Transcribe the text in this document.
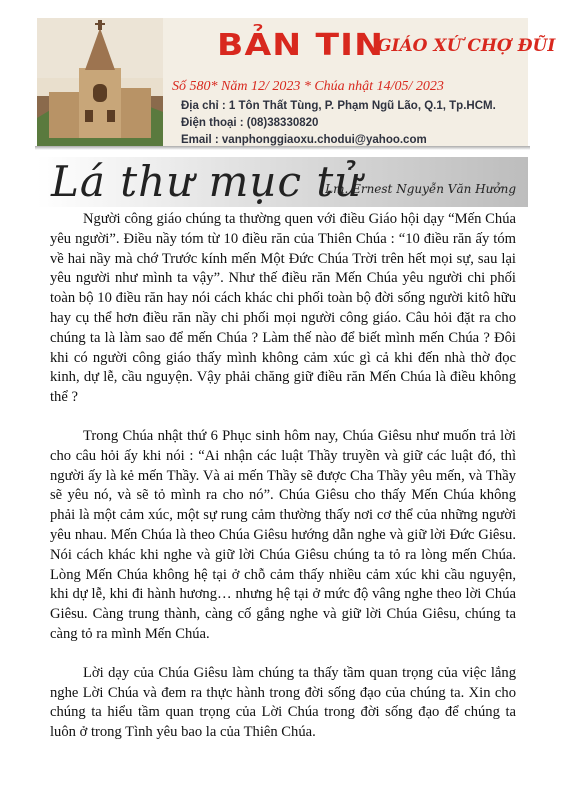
BẢN TIN
GIÁO XỨ CHỢ ĐŨI
Số 580* Năm 12/ 2023 * Chúa nhật 14/05/ 2023
Địa chỉ : 1 Tôn Thất Tùng, P. Phạm Ngũ Lão, Q.1, Tp.HCM.
Điện thoại : (08)38330820
Email : vanphonggiaoxu.chodui@yahoo.com
Lá thư mục tử
Lm. Ernest Nguyễn Văn Hưởng

Người công giáo chúng ta thường quen với điều Giáo hội dạy “Mến Chúa yêu người”. Điều nầy tóm từ 10 điều răn của Thiên Chúa : “10 điều răn ấy tóm về hai nầy mà chớ Trước kính mến Một Đức Chúa Trời trên hết mọi sự, sau lại yêu người như mình ta vậy”. Như thế điều răn Mến Chúa yêu người chi phối toàn bộ 10 điều răn hay nói cách khác chi phối toàn bộ đời sống người kitô hữu hay cụ thể hơn điều răn nầy chi phối mọi người công giáo. Câu hỏi đặt ra cho chúng ta là làm sao để mến Chúa ? Làm thế nào để biết mình mến Chúa ? Đôi khi có người công giáo thấy mình không cảm xúc gì cả khi đến nhà thờ đọc kinh, dự lễ, cầu nguyện. Vậy phải chăng giữ điều răn Mến Chúa là điều không thể ?

Trong Chúa nhật thứ 6 Phục sinh hôm nay, Chúa Giêsu như muốn trả lời cho câu hỏi ấy khi nói : “Ai nhận các luật Thầy truyền và giữ các luật đó, thì người ấy là kẻ mến Thầy. Và ai mến Thầy sẽ được Cha Thầy yêu mến, và Thầy sẽ yêu nó, và sẽ tỏ mình ra cho nó”. Chúa Giêsu cho thấy Mến Chúa không phải là một cảm xúc, một sự rung cảm thường thấy nơi cơ thể của những người yêu nhau. Mến Chúa là theo Chúa Giêsu hướng dẫn nghe và giữ lời Đức Giêsu. Nói cách khác khi nghe và giữ lời Chúa Giêsu chúng ta tỏ ra lòng mến Chúa. Lòng Mến Chúa không hệ tại ở chỗ cảm thấy nhiều cảm xúc khi cầu nguyện, khi dự lễ, khi đi hành hương… nhưng hệ tại ở mức độ vâng nghe theo lời Chúa Giêsu. Càng trung thành, càng cố gắng nghe và giữ lời Chúa Giêsu, chúng ta càng tỏ ra mình Mến Chúa.

Lời dạy của Chúa Giêsu làm chúng ta thấy tầm quan trọng của việc lắng nghe Lời Chúa và đem ra thực hành trong đời sống đạo của chúng ta. Xin cho chúng ta hiểu tầm quan trọng của Lời Chúa trong đời sống đạo để chúng ta luôn ở trong Tình yêu bao la của Thiên Chúa.
